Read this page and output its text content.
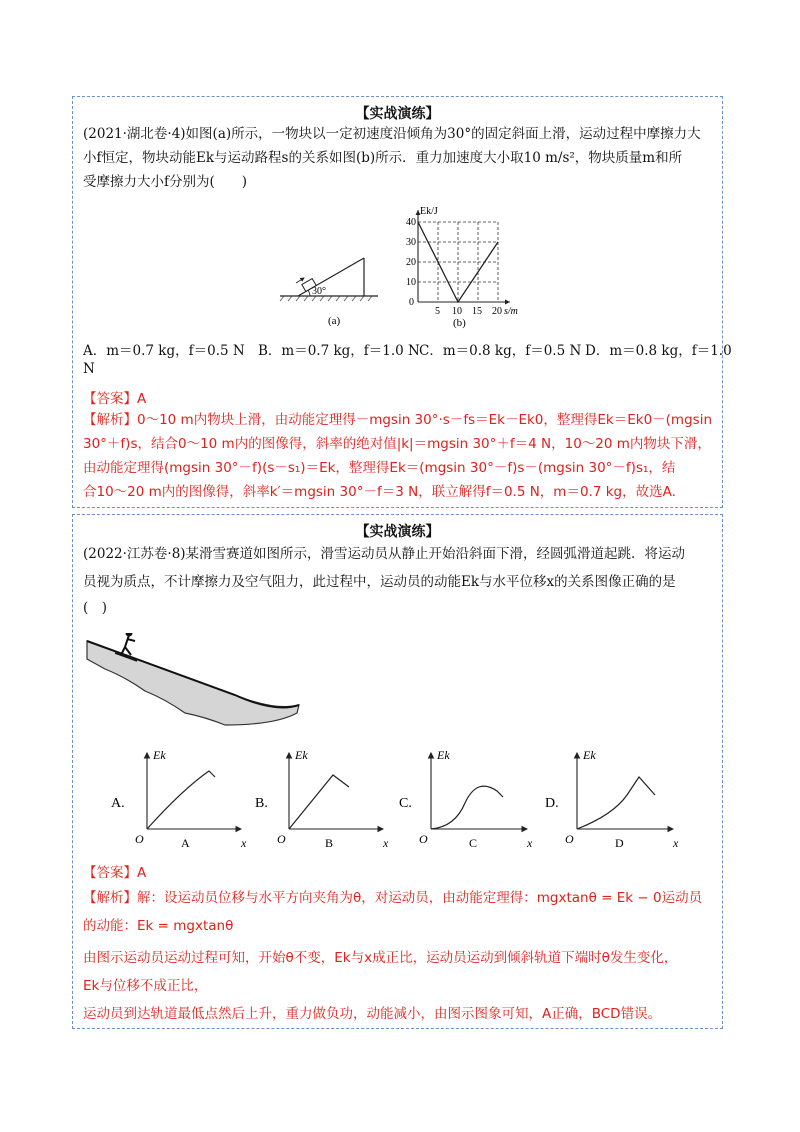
【实战演练】

(2021·湖北卷·4)如图(a)所示，一物块以一定初速度沿倾角为30°的固定斜面上滑，运动过程中摩擦力大

小f恒定，物块动能Ek与运动路程s的关系如图(b)所示．重力加速度大小取10 m/s²，物块质量m和所

受摩擦力大小f分别为(　　)

30°
(a)
Ek/J
40
30
20
10
0
5 10 15 20 s/m
(b)
A．m＝0.7 kg，f＝0.5 N B．m＝0.7 kg，f＝1.0 N C．m＝0.8 kg，f＝0.5 N D．m＝0.8 kg，f＝1.0
N
【答案】A

【解析】0～10 m内物块上滑，由动能定理得－mgsin 30°·s－fs＝Ek－Ek0，整理得Ek＝Ek0－(mgsin

30°＋f)s，结合0～10 m内的图像得，斜率的绝对值|k|＝mgsin 30°＋f＝4 N，10～20 m内物块下滑，

由动能定理得(mgsin 30°－f)(s－s₁)＝Ek，整理得Ek＝(mgsin 30°－f)s－(mgsin 30°－f)s₁，结

合10～20 m内的图像得，斜率k′＝mgsin 30°－f＝3 N，联立解得f＝0.5 N，m＝0.7 kg，故选A.

【实战演练】

(2022·江苏卷·8)某滑雪赛道如图所示，滑雪运动员从静止开始沿斜面下滑，经圆弧滑道起跳．将运动

员视为质点，不计摩擦力及空气阻力，此过程中，运动员的动能Ek与水平位移x的关系图像正确的是

(　)

A.
Ek
O	x
A
B.
Ek
O	x
B
C.
Ek
O	x
C
D.
Ek
O	x
D
【答案】A

【解析】解：设运动员位移与水平方向夹角为θ，对运动员，由动能定理得：mgxtanθ = Ek − 0运动员

的动能：Ek = mgxtanθ

由图示运动员运动过程可知，开始θ不变，Ek与x成正比，运动员运动到倾斜轨道下端时θ发生变化，

Ek与位移不成正比，

运动员到达轨道最低点然后上升，重力做负功，动能减小，由图示图象可知，A正确，BCD错误。
